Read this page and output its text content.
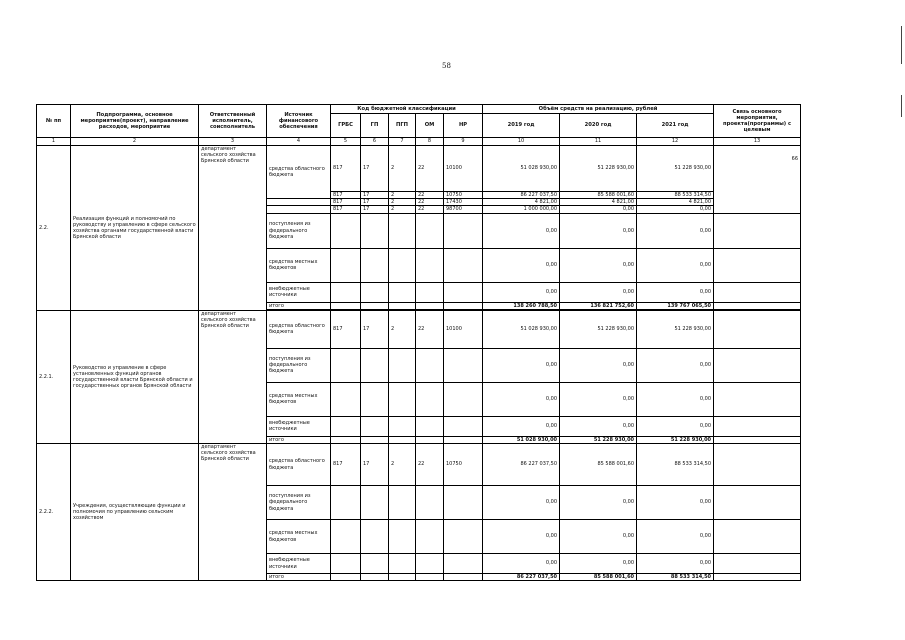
58
№ пп	Подпрограмма, основное мероприятие(проект), направление расходов, мероприятие	Ответственный исполнитель, соисполнитель	Источник финансового обеспечения	Код бюджетной классификации					Объём средств на реализацию, рублей			Связь основного мероприятия, проекта(программы) с целевым
				ГРБС	ГП	ПГП	ОМ	НР	2019 год	2020 год	2021 год	
1	2	3	4	5	6	7	8	9	10	11	12	13
2.2.	Реализация функций и полномочий по руководству и управлению в сфере сельского хозяйства органами государственной власти Брянской области	департамент сельского хозяйства Брянской области	средства областного бюджета	817	17	2	22	10100	51 028 930,00	51 228 930,00	51 228 930,00	66
				817	17	2	22	10750	86 227 037,50	85 588 001,60	88 533 314,50	
				817	17	2	22	17430	4 821,00	4 821,00	4 821,00	
				817	17	2	22	98700	1 000 000,00	0,00	0,00	
			поступления из федерального бюджета						0,00	0,00	0,00	
			средства местных бюджетов						0,00	0,00	0,00	
			внебюджетные источники						0,00	0,00	0,00	
			итого						138 260 788,50	136 821 752,60	139 767 065,50	

2.2.1.	Руководство и управление в сфере установленных функций органов государственной власти Брянской области и государственных органов Брянской области	департамент сельского хозяйства Брянской области	средства областного бюджета	817	17	2	22	10100	51 028 930,00	51 228 930,00	51 228 930,00	
			поступления из федерального бюджета						0,00	0,00	0,00	
			средства местных бюджетов						0,00	0,00	0,00	
			внебюджетные источники						0,00	0,00	0,00	
			итого						51 028 930,00	51 228 930,00	51 228 930,00	
2.2.2.	Учреждения, осуществляющие функции и полномочия по управлению сельским хозяйством	департамент сельского хозяйства Брянской области	средства областного бюджета	817	17	2	22	10750	86 227 037,50	85 588 001,60	88 533 314,50	
			поступления из федерального бюджета						0,00	0,00	0,00	
			средства местных бюджетов						0,00	0,00	0,00	
			внебюджетные источники						0,00	0,00	0,00	
			итого						86 227 037,50	85 588 001,60	88 533 314,50	
